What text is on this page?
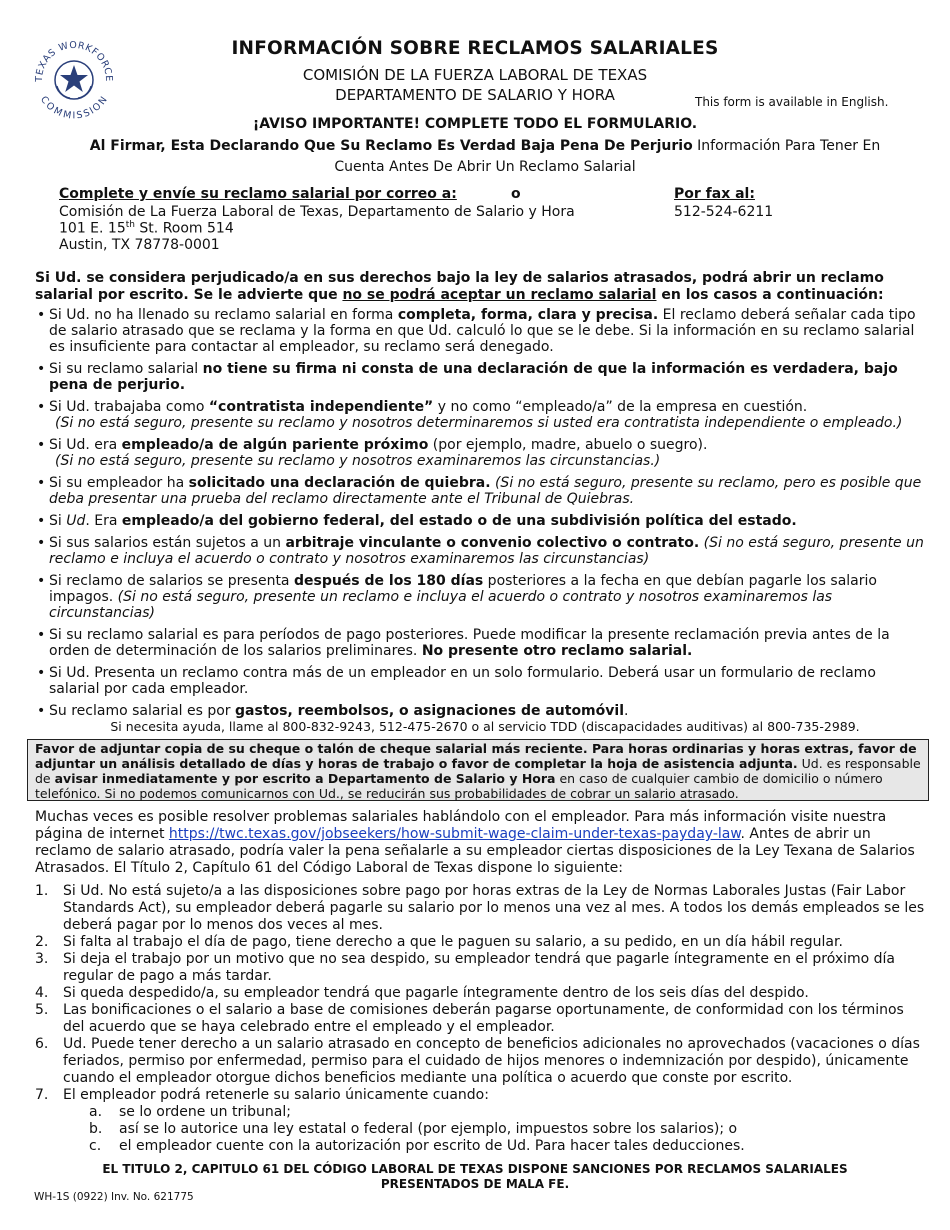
TEXAS WORKFORCE
COMMISSION
INFORMACIÓN SOBRE RECLAMOS SALARIALES
COMISIÓN DE LA FUERZA LABORAL DE TEXAS
DEPARTAMENTO DE SALARIO Y HORA	This form is available in English.
¡AVISO IMPORTANTE! COMPLETE TODO EL FORMULARIO.
Al Firmar, Esta Declarando Que Su Reclamo Es Verdad Baja Pena De Perjurio Información Para Tener En Cuenta Antes De Abrir Un Reclamo Salarial
Complete y envíe su reclamo salarial por correo a:	o	Por fax al:
Comisión de La Fuerza Laboral de Texas, Departamento de Salario y Hora
101 E. 15th St. Room 514
Austin, TX 78778-0001
512-524-6211
Si Ud. se considera perjudicado/a en sus derechos bajo la ley de salarios atrasados, podrá abrir un reclamo salarial por escrito. Se le advierte que no se podrá aceptar un reclamo salarial en los casos a continuación:
• Si Ud. no ha llenado su reclamo salarial en forma completa, forma, clara y precisa. El reclamo deberá señalar cada tipo de salario atrasado que se reclama y la forma en que Ud. calculó lo que se le debe. Si la información en su reclamo salarial es insuficiente para contactar al empleador, su reclamo será denegado.
• Si su reclamo salarial no tiene su firma ni consta de una declaración de que la información es verdadera, bajo pena de perjurio.
• Si Ud. trabajaba como “contratista independiente” y no como “empleado/a” de la empresa en cuestión.
(Si no está seguro, presente su reclamo y nosotros determinaremos si usted era contratista independiente o empleado.)
• Si Ud. era empleado/a de algún pariente próximo (por ejemplo, madre, abuelo o suegro).
(Si no está seguro, presente su reclamo y nosotros examinaremos las circunstancias.)
• Si su empleador ha solicitado una declaración de quiebra. (Si no está seguro, presente su reclamo, pero es posible que deba presentar una prueba del reclamo directamente ante el Tribunal de Quiebras.
• Si Ud. Era empleado/a del gobierno federal, del estado o de una subdivisión política del estado.
• Si sus salarios están sujetos a un arbitraje vinculante o convenio colectivo o contrato. (Si no está seguro, presente un reclamo e incluya el acuerdo o contrato y nosotros examinaremos las circunstancias)
• Si reclamo de salarios se presenta después de los 180 días posteriores a la fecha en que debían pagarle los salario impagos. (Si no está seguro, presente un reclamo e incluya el acuerdo o contrato y nosotros examinaremos las circunstancias)
• Si su reclamo salarial es para períodos de pago posteriores. Puede modificar la presente reclamación previa antes de la orden de determinación de los salarios preliminares. No presente otro reclamo salarial.
• Si Ud. Presenta un reclamo contra más de un empleador en un solo formulario. Deberá usar un formulario de reclamo salarial por cada empleador.
• Su reclamo salarial es por gastos, reembolsos, o asignaciones de automóvil.
Si necesita ayuda, llame al 800-832-9243, 512-475-2670 o al servicio TDD (discapacidades auditivas) al 800-735-2989.
Favor de adjuntar copia de su cheque o talón de cheque salarial más reciente. Para horas ordinarias y horas extras, favor de adjuntar un análisis detallado de días y horas de trabajo o favor de completar la hoja de asistencia adjunta. Ud. es responsable de avisar inmediatamente y por escrito a Departamento de Salario y Hora en caso de cualquier cambio de domicilio o número telefónico. Si no podemos comunicarnos con Ud., se reducirán sus probabilidades de cobrar un salario atrasado.
Muchas veces es posible resolver problemas salariales hablándolo con el empleador. Para más información visite nuestra página de internet https://twc.texas.gov/jobseekers/how-submit-wage-claim-under-texas-payday-law. Antes de abrir un reclamo de salario atrasado, podría valer la pena señalarle a su empleador ciertas disposiciones de la Ley Texana de Salarios Atrasados. El Título 2, Capítulo 61 del Código Laboral de Texas dispone lo siguiente:
1. Si Ud. No está sujeto/a a las disposiciones sobre pago por horas extras de la Ley de Normas Laborales Justas (Fair Labor Standards Act), su empleador deberá pagarle su salario por lo menos una vez al mes. A todos los demás empleados se les deberá pagar por lo menos dos veces al mes.
2. Si falta al trabajo el día de pago, tiene derecho a que le paguen su salario, a su pedido, en un día hábil regular.
3. Si deja el trabajo por un motivo que no sea despido, su empleador tendrá que pagarle íntegramente en el próximo día regular de pago a más tardar.
4. Si queda despedido/a, su empleador tendrá que pagarle íntegramente dentro de los seis días del despido.
5. Las bonificaciones o el salario a base de comisiones deberán pagarse oportunamente, de conformidad con los términos del acuerdo que se haya celebrado entre el empleado y el empleador.
6. Ud. Puede tener derecho a un salario atrasado en concepto de beneficios adicionales no aprovechados (vacaciones o días feriados, permiso por enfermedad, permiso para el cuidado de hijos menores o indemnización por despido), únicamente cuando el empleador otorgue dichos beneficios mediante una política o acuerdo que conste por escrito.
7. El empleador podrá retenerle su salario únicamente cuando:
a. se lo ordene un tribunal;
b. así se lo autorice una ley estatal o federal (por ejemplo, impuestos sobre los salarios); o
c. el empleador cuente con la autorización por escrito de Ud. Para hacer tales deducciones.
EL TITULO 2, CAPITULO 61 DEL CÓDIGO LABORAL DE TEXAS DISPONE SANCIONES POR RECLAMOS SALARIALES
PRESENTADOS DE MALA FE.
WH-1S (0922) Inv. No. 621775
